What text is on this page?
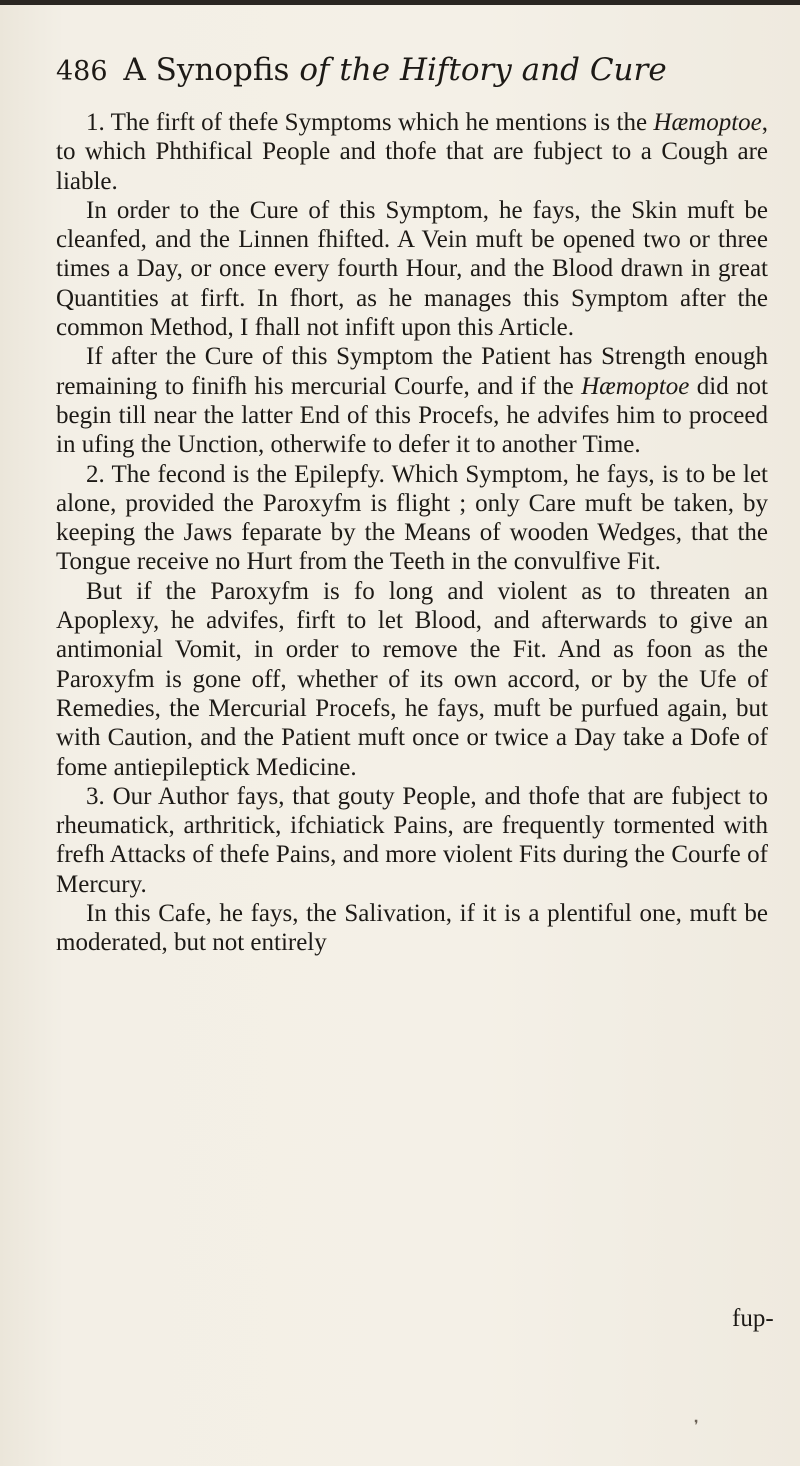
486 A Synopfis of the Hiftory and Cure

1. The firft of thefe Symptoms which he mentions is the Hæmoptoe, to which Phthifical People and thofe that are fubject to a Cough are liable.

In order to the Cure of this Symptom, he fays, the Skin muft be cleanfed, and the Linnen fhifted. A Vein muft be opened two or three times a Day, or once every fourth Hour, and the Blood drawn in great Quantities at firft. In fhort, as he manages this Symptom after the common Method, I fhall not infift upon this Article.

If after the Cure of this Symptom the Patient has Strength enough remaining to finifh his mercurial Courfe, and if the Hæmoptoe did not begin till near the latter End of this Procefs, he advifes him to proceed in ufing the Unction, otherwife to defer it to another Time.

2. The fecond is the Epilepfy. Which Symptom, he fays, is to be let alone, provided the Paroxyfm is flight ; only Care muft be taken, by keeping the Jaws feparate by the Means of wooden Wedges, that the Tongue receive no Hurt from the Teeth in the convulfive Fit.

But if the Paroxyfm is fo long and violent as to threaten an Apoplexy, he advifes, firft to let Blood, and afterwards to give an antimonial Vomit, in order to remove the Fit. And as foon as the Paroxyfm is gone off, whether of its own accord, or by the Ufe of Remedies, the Mercurial Procefs, he fays, muft be purfued again, but with Caution, and the Patient muft once or twice a Day take a Dofe of fome antiepileptick Medicine.

3. Our Author fays, that gouty People, and thofe that are fubject to rheumatick, arthritick, ifchiatick Pains, are frequently tormented with frefh Attacks of thefe Pains, and more violent Fits during the Courfe of Mercury.

In this Cafe, he fays, the Salivation, if it is a plentiful one, muft be moderated, but not entirely

fup-
❜
